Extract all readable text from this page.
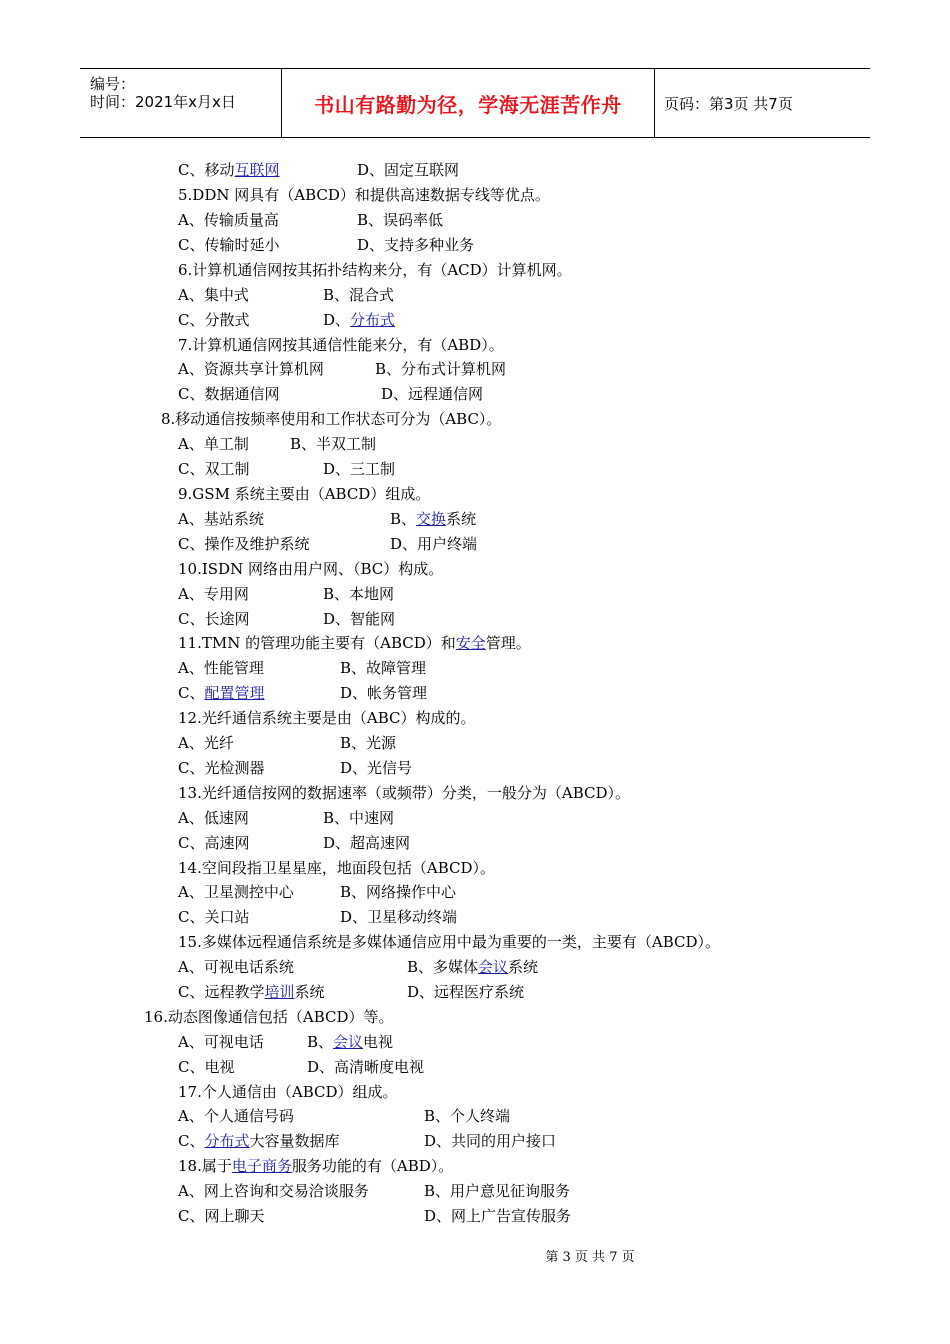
编号：
时间：2021年x月x日	书山有路勤为径，学海无涯苦作舟	页码：第3页 共7页
C、移动互联网	D、固定互联网
5.DDN 网具有（ABCD）和提供高速数据专线等优点。
A、传输质量高	B、误码率低
C、传输时延小	D、支持多种业务
6.计算机通信网按其拓扑结构来分，有（ACD）计算机网。
A、集中式	B、混合式
C、分散式	D、分布式
7.计算机通信网按其通信性能来分，有（ABD）。
A、资源共享计算机网	B、分布式计算机网
C、数据通信网	D、远程通信网
8.移动通信按频率使用和工作状态可分为（ABC）。
A、单工制	B、半双工制
C、双工制	D、三工制
9.GSM 系统主要由（ABCD）组成。
A、基站系统	B、交换系统
C、操作及维护系统	D、用户终端
10.ISDN 网络由用户网、（BC）构成。
A、专用网	B、本地网
C、长途网	D、智能网
11.TMN 的管理功能主要有（ABCD）和安全管理。
A、性能管理	B、故障管理
C、配置管理	D、帐务管理
12.光纤通信系统主要是由（ABC）构成的。
A、光纤	B、光源
C、光检测器	D、光信号
13.光纤通信按网的数据速率（或频带）分类，一般分为（ABCD）。
A、低速网	B、中速网
C、高速网	D、超高速网
14.空间段指卫星星座，地面段包括（ABCD）。
A、卫星测控中心	B、网络操作中心
C、关口站	D、卫星移动终端
15.多媒体远程通信系统是多媒体通信应用中最为重要的一类，主要有（ABCD）。
A、可视电话系统	B、多媒体会议系统
C、远程教学培训系统	D、远程医疗系统
16.动态图像通信包括（ABCD）等。
A、可视电话	B、会议电视
C、电视	D、高清晰度电视
17.个人通信由（ABCD）组成。
A、个人通信号码	B、个人终端
C、分布式大容量数据库	D、共同的用户接口
18.属于电子商务服务功能的有（ABD）。
A、网上咨询和交易洽谈服务	B、用户意见征询服务
C、网上聊天	D、网上广告宣传服务
第 3 页 共 7 页
